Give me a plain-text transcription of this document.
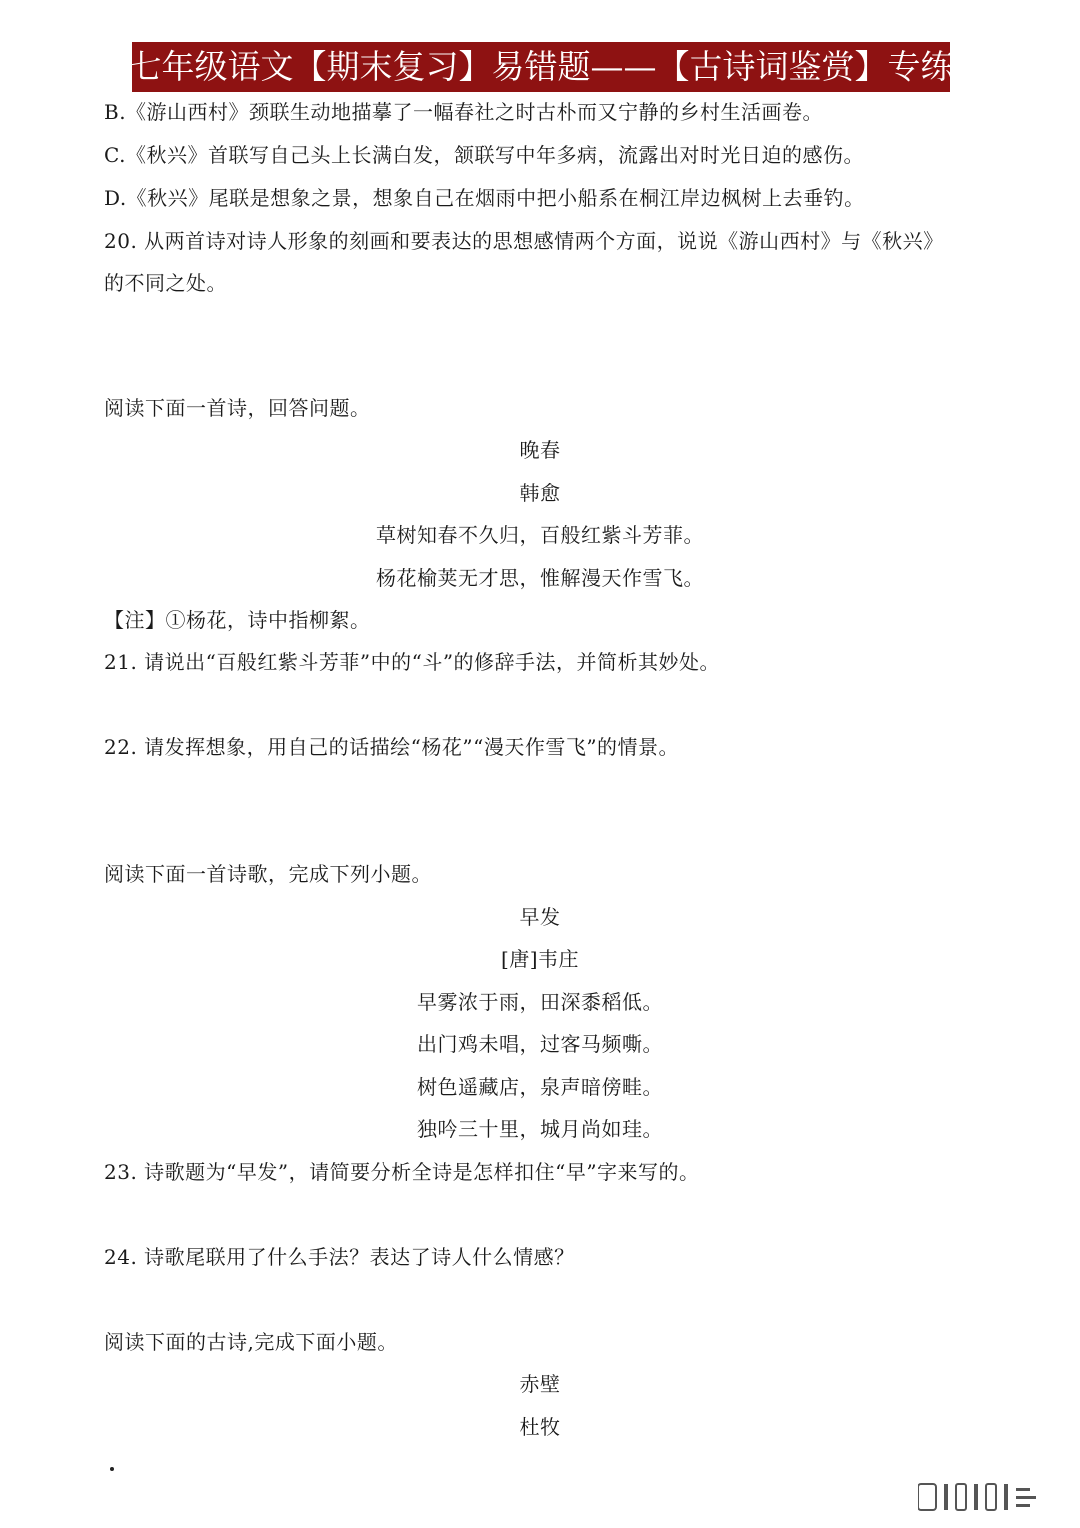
七年级语文【期末复习】易错题——【古诗词鉴赏】专练
B.《游山西村》颈联生动地描摹了一幅春社之时古朴而又宁静的乡村生活画卷。
C.《秋兴》首联写自己头上长满白发，颔联写中年多病，流露出对时光日迫的感伤。
D.《秋兴》尾联是想象之景，想象自己在烟雨中把小船系在桐江岸边枫树上去垂钓。
20. 从两首诗对诗人形象的刻画和要表达的思想感情两个方面，说说《游山西村》与《秋兴》
的不同之处。
阅读下面一首诗，回答问题。
晚春
韩愈
草树知春不久归，百般红紫斗芳菲。
杨花榆荚无才思，惟解漫天作雪飞。
【注】①杨花，诗中指柳絮。
21. 请说出“百般红紫斗芳菲”中的“斗”的修辞手法，并简析其妙处。
22. 请发挥想象，用自己的话描绘“杨花”“漫天作雪飞”的情景。
阅读下面一首诗歌，完成下列小题。
早发
[唐]韦庄
早雾浓于雨，田深黍稻低。
出门鸡未唱，过客马频嘶。
树色遥藏店，泉声暗傍畦。
独吟三十里，城月尚如珪。
23. 诗歌题为“早发”，请简要分析全诗是怎样扣住“早”字来写的。
24. 诗歌尾联用了什么手法？表达了诗人什么情感？
阅读下面的古诗,完成下面小题。
赤壁
杜牧
